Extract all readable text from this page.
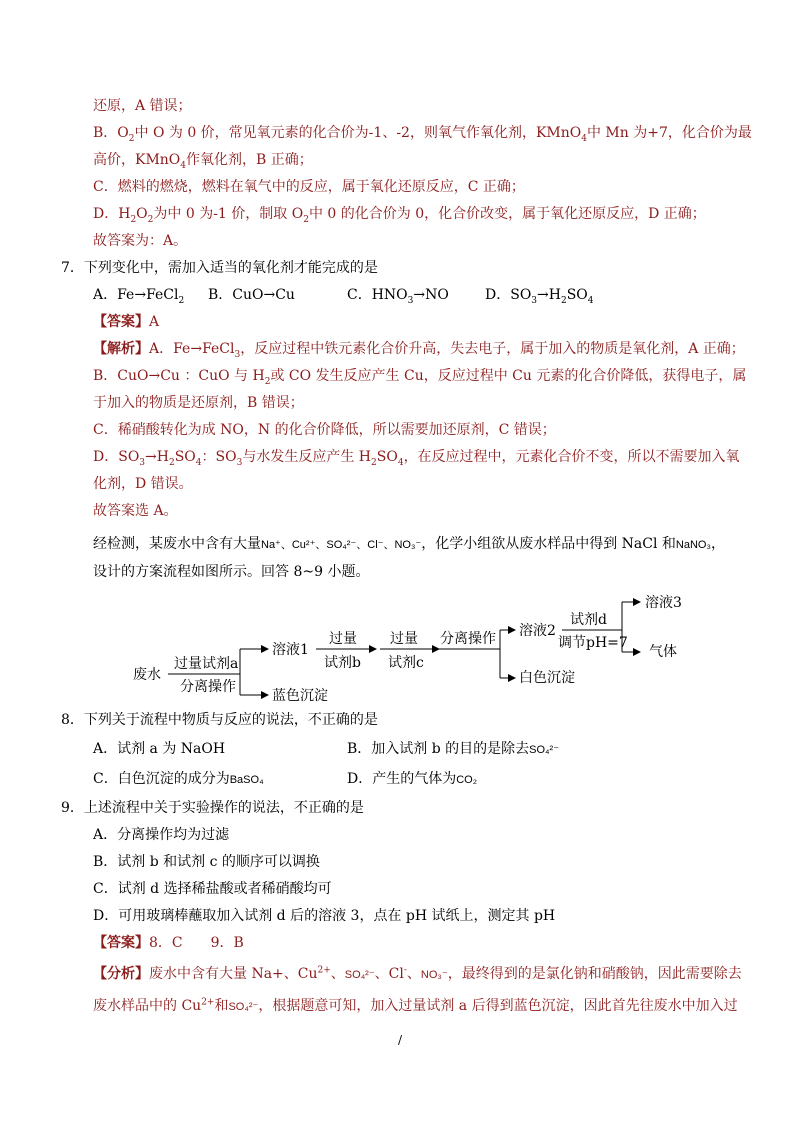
还原，A 错误；
B．$O_2$中 O 为 0 价，常见氧元素的化合价为-1、-2，则氧气作氧化剂，KMnO$_4$中 Mn 为+7，化合价为最
高价，KMnO$_4$作氧化剂，B 正确；
C．燃料的燃烧，燃料在氧气中的反应，属于氧化还原反应，C 正确；
D．$H_2O_2$为中 0 为-1 价，制取 $O_2$中 0 的化合价为 0，化合价改变，属于氧化还原反应，D 正确；
故答案为：A。
7．下列变化中，需加入适当的氧化剂才能完成的是
A．Fe→FeCl$_2$ B．CuO→Cu	C．$HNO_3\to NO$	D．$SO_3\to H_2SO_4$
【答案】A
【解析】A．Fe→FeCl$_3$，反应过程中铁元素化合价升高，失去电子，属于加入的物质是氧化剂，A 正确；
B．CuO→Cu ：CuO 与 $H_2$或 CO 发生反应产生 Cu，反应过程中 Cu 元素的化合价降低，获得电子，属
于加入的物质是还原剂，B 错误；
C．稀硝酸转化为成 NO，N 的化合价降低，所以需要加还原剂，C 错误；
D．$SO_3\to H_2SO_4$：$SO_3$与水发生反应产生 $H_2SO_4$，在反应过程中，元素化合价不变，所以不需要加入氧
化剂，D 错误。
故答案选 A。
经检测，某废水中含有大量Na⁺、Cu²⁺、SO₄²⁻、Cl⁻、NO₃⁻，化学小组欲从废水样品中得到 NaCl 和NaNO₃，
设计的方案流程如图所示。回答 8~9 小题。
废水
过量试剂a
分离操作
溶液1
蓝色沉淀
过量
试剂b
过量
试剂c
分离操作 溶液2
白色沉淀
试剂d
调节pH=7
溶液3
气体
8．下列关于流程中物质与反应的说法，不正确的是
A．试剂 a 为 NaOH	B．加入试剂 b 的目的是除去SO₄²⁻
C．白色沉淀的成分为BaSO₄	D．产生的气体为CO₂
9．上述流程中关于实验操作的说法，不正确的是
A．分离操作均为过滤
B．试剂 b 和试剂 c 的顺序可以调换
C．试剂 d 选择稀盐酸或者稀硝酸均可
D．可用玻璃棒蘸取加入试剂 d 后的溶液 3，点在 pH 试纸上，测定其 pH
【答案】8．C　　9．B
【分析】废水中含有大量 Na+、$Cu^{2+}$、SO₄²⁻、Cl-、NO₃⁻，最终得到的是氯化钠和硝酸钠，因此需要除去
废水样品中的 $Cu^{2+}$和SO₄²⁻，根据题意可知，加入过量试剂 a 后得到蓝色沉淀，因此首先往废水中加入过
/
